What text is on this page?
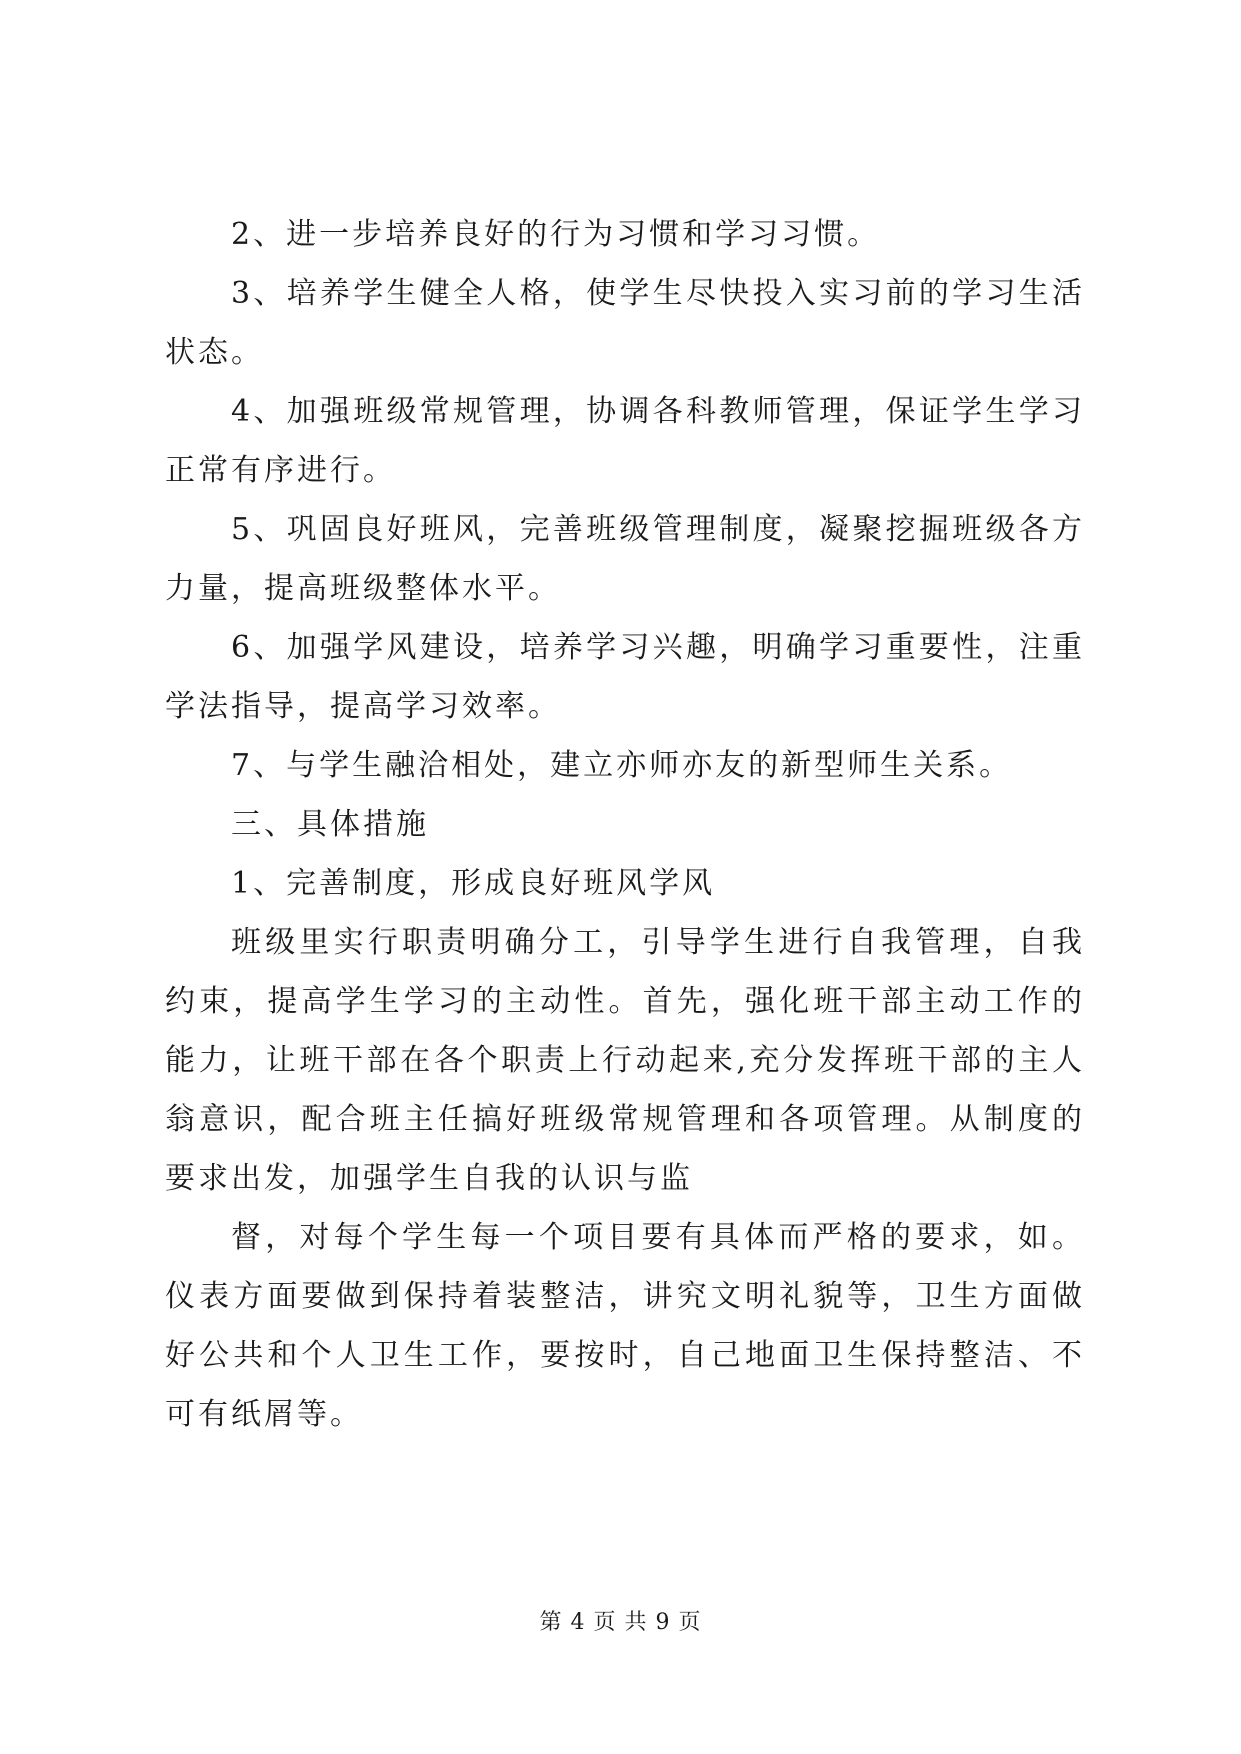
2、进一步培养良好的行为习惯和学习习惯。

3、培养学生健全人格，使学生尽快投入实习前的学习生活状态。

4、加强班级常规管理，协调各科教师管理，保证学生学习正常有序进行。

5、巩固良好班风，完善班级管理制度，凝聚挖掘班级各方力量，提高班级整体水平。

6、加强学风建设，培养学习兴趣，明确学习重要性，注重学法指导，提高学习效率。

7、与学生融洽相处，建立亦师亦友的新型师生关系。

三、具体措施

1、完善制度，形成良好班风学风

班级里实行职责明确分工，引导学生进行自我管理，自我约束，提高学生学习的主动性。首先，强化班干部主动工作的能力，让班干部在各个职责上行动起来,充分发挥班干部的主人翁意识，配合班主任搞好班级常规管理和各项管理。从制度的要求出发，加强学生自我的认识与监

督，对每个学生每一个项目要有具体而严格的要求，如。仪表方面要做到保持着装整洁，讲究文明礼貌等，卫生方面做好公共和个人卫生工作，要按时，自己地面卫生保持整洁、不可有纸屑等。

第 4 页 共 9 页
